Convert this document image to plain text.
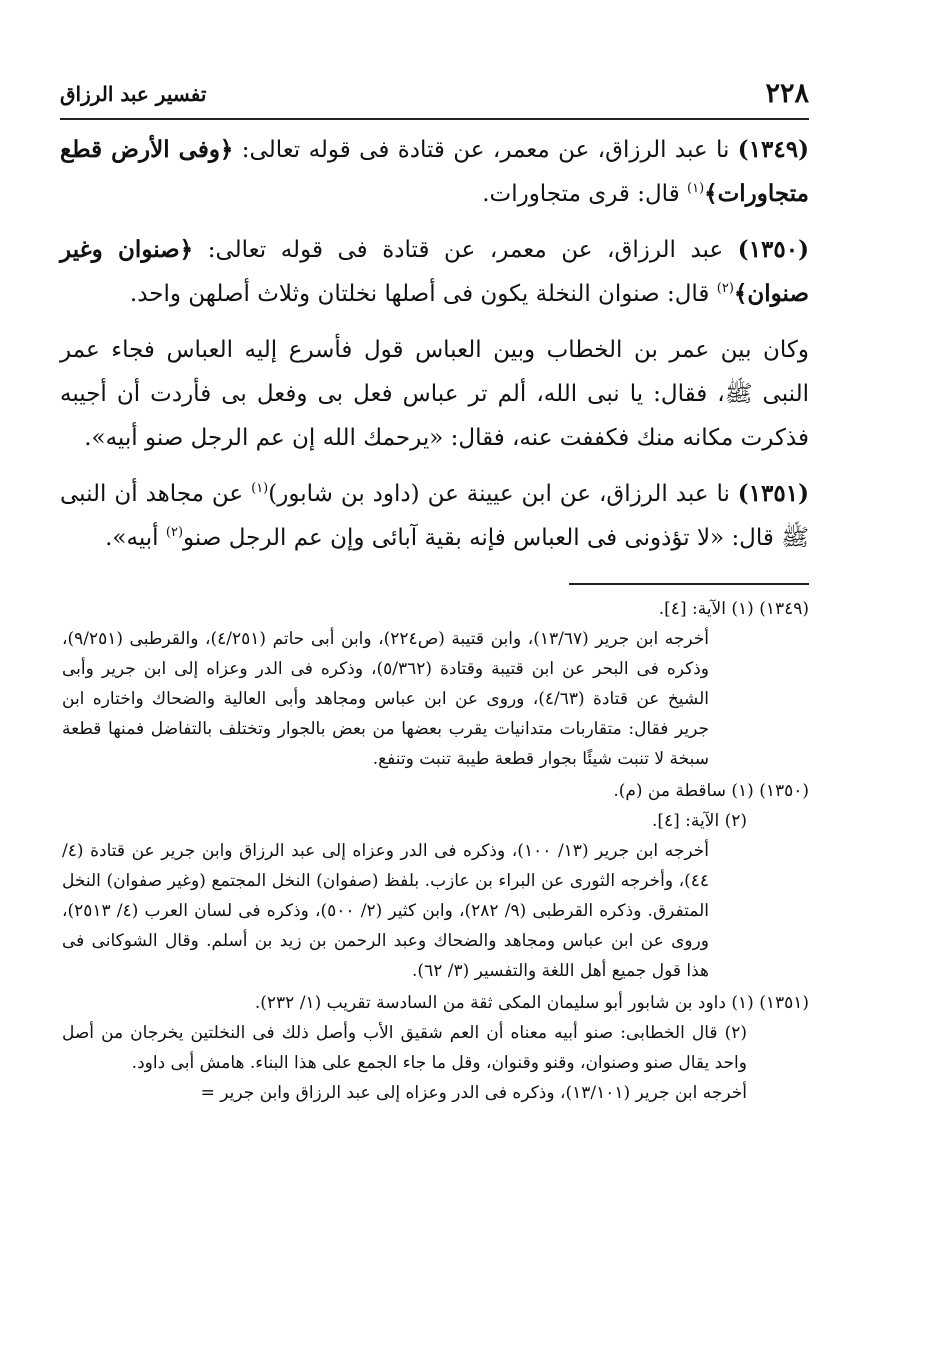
٢٢٨
تفسير عبد الرزاق

(١٣٤٩) نا عبد الرزاق، عن معمر، عن قتادة فى قوله تعالى: ﴿وفى الأرض قطع متجاورات﴾$^{(١)}$ قال: قرى متجاورات.

(١٣٥٠) عبد الرزاق، عن معمر، عن قتادة فى قوله تعالى: ﴿صنوان وغير صنوان﴾$^{(٢)}$ قال: صنوان النخلة يكون فى أصلها نخلتان وثلاث أصلهن واحد.

وكان بين عمر بن الخطاب وبين العباس قول فأسرع إليه العباس فجاء عمر النبى ﷺ، فقال: يا نبى الله، ألم تر عباس فعل بى وفعل بى فأردت أن أجيبه فذكرت مكانه منك فكففت عنه، فقال: «يرحمك الله إن عم الرجل صنو أبيه».

(١٣٥١) نا عبد الرزاق، عن ابن عيينة عن (داود بن شابور)$^{(١)}$ عن مجاهد أن النبى ﷺ قال: «لا تؤذونى فى العباس فإنه بقية آبائى وإن عم الرجل صنو$^{(٢)}$ أبيه».

(١٣٤٩) (١) الآية: [٤].
أخرجه ابن جرير (١٣/٦٧)، وابن قتيبة (ص٢٢٤)، وابن أبى حاتم (٤/٢٥١)، والقرطبى (٩/٢٥١)، وذكره فى البحر عن ابن قتيبة وقتادة (٥/٣٦٢)، وذكره فى الدر وعزاه إلى ابن جرير وأبى الشيخ عن قتادة (٤/٦٣)، وروى عن ابن عباس ومجاهد وأبى العالية والضحاك واختاره ابن جرير فقال: متقاربات متدانيات يقرب بعضها من بعض بالجوار وتختلف بالتفاضل فمنها قطعة سبخة لا تنبت شيئًا بجوار قطعة طيبة تنبت وتنفع.
(١٣٥٠) (١) ساقطة من (م).
(٢) الآية: [٤].
أخرجه ابن جرير (١٣/ ١٠٠)، وذكره فى الدر وعزاه إلى عبد الرزاق وابن جرير عن قتادة (٤/ ٤٤)، وأخرجه الثورى عن البراء بن عازب. بلفظ (صفوان) النخل المجتمع (وغير صفوان) النخل المتفرق. وذكره القرطبى (٩/ ٢٨٢)، وابن كثير (٢/ ٥٠٠)، وذكره فى لسان العرب (٤/ ٢٥١٣)، وروى عن ابن عباس ومجاهد والضحاك وعبد الرحمن بن زيد بن أسلم. وقال الشوكانى فى هذا قول جميع أهل اللغة والتفسير (٣/ ٦٢).
(١٣٥١) (١) داود بن شابور أبو سليمان المكى ثقة من السادسة تقريب (١/ ٢٣٢).
(٢) قال الخطابى: صنو أبيه معناه أن العم شقيق الأب وأصل ذلك فى النخلتين يخرجان من أصل واحد يقال صنو وصنوان، وقنو وقنوان، وقل ما جاء الجمع على هذا البناء. هامش أبى داود.
أخرجه ابن جرير (١٣/١٠١)، وذكره فى الدر وعزاه إلى عبد الرزاق وابن جرير =
